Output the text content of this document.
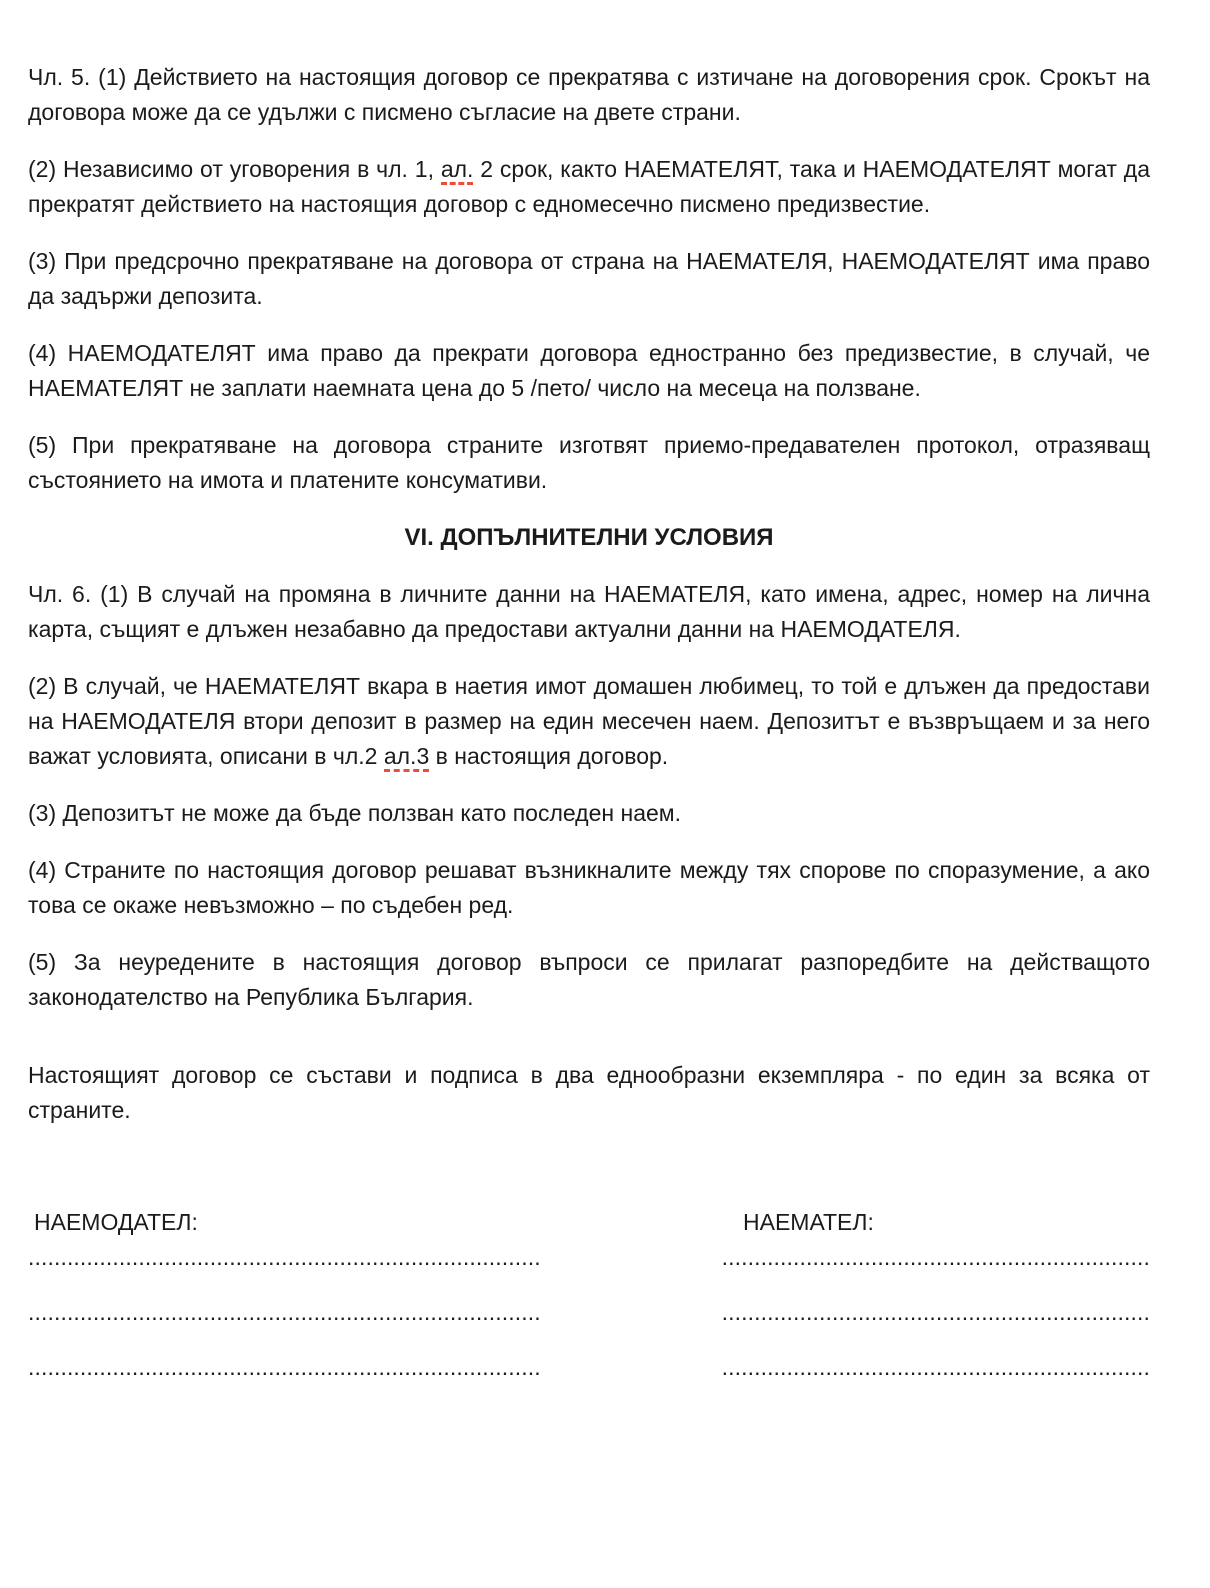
Чл. 5. (1) Действието на настоящия договор се прекратява с изтичане на договорения срок. Срокът на договора може да се удължи с писмено съгласие на двете страни.

(2) Независимо от уговорения в чл. 1, ал. 2 срок, както НАЕМАТЕЛЯТ, така и НАЕМОДАТЕЛЯТ могат да прекратят действието на настоящия договор с едномесечно писмено предизвестие.

(3) При предсрочно прекратяване на договора от страна на НАЕМАТЕЛЯ, НАЕМОДАТЕЛЯТ има право да задържи депозита.

(4) НАЕМОДАТЕЛЯТ има право да прекрати договора едностранно без предизвестие, в случай, че НАЕМАТЕЛЯТ не заплати наемната цена до 5 /пето/ число на месеца на ползване.

(5) При прекратяване на договора страните изготвят приемо-предавателен протокол, отразяващ състоянието на имота и платените консумативи.

VI. ДОПЪЛНИТЕЛНИ УСЛОВИЯ

Чл. 6. (1) В случай на промяна в личните данни на НАЕМАТЕЛЯ, като имена, адрес, номер на лична карта, същият е длъжен незабавно да предостави актуални данни на НАЕМОДАТЕЛЯ.

(2) В случай, че НАЕМАТЕЛЯТ вкара в наетия имот домашен любимец, то той е длъжен да предостави на НАЕМОДАТЕЛЯ втори депозит в размер на един месечен наем. Депозитът е възвръщаем и за него важат условията, описани в чл.2 ал.3 в настоящия договор.

(3) Депозитът не може да бъде ползван като последен наем.

(4) Страните по настоящия договор решават възникналите между тях спорове по споразумение, а ако това се окаже невъзможно – по съдебен ред.

(5) За неуредените в настоящия договор въпроси се прилагат разпоредбите на действащото законодателство на Република България.

Настоящият договор се състави и подписа в два еднообразни екземпляра - по един за всяка от страните.

НАЕМОДАТЕЛ:	НАЕМАТЕЛ:
...............................................................................	..................................................................
...............................................................................	..................................................................
...............................................................................	..................................................................
